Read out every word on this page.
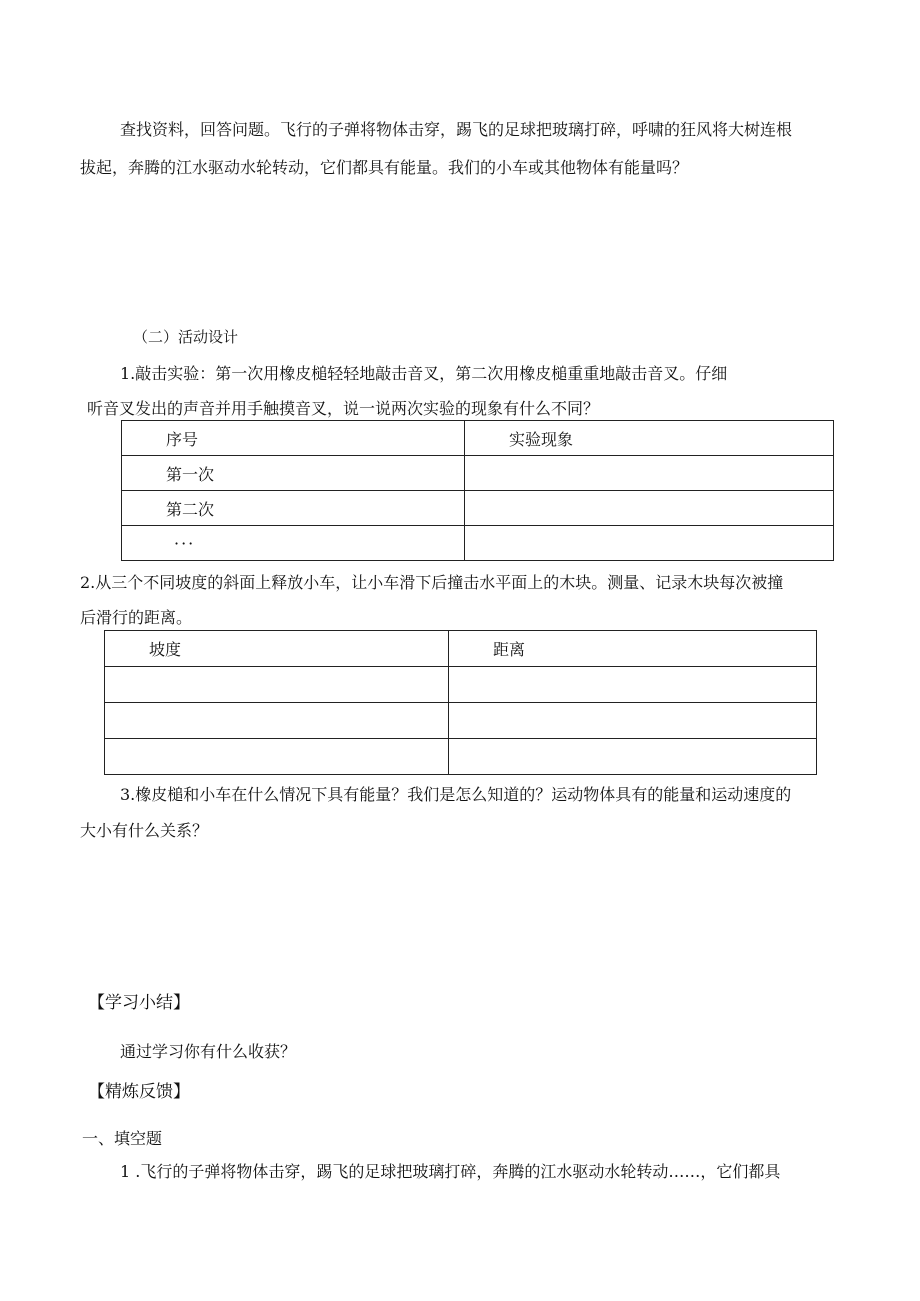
查找资料，回答问题。飞行的子弹将物体击穿，踢飞的足球把玻璃打碎，呼啸的狂风将大树连根
拔起，奔腾的江水驱动水轮转动，它们都具有能量。我们的小车或其他物体有能量吗？
（二）活动设计
1.敲击实验：第一次用橡皮槌轻轻地敲击音叉，第二次用橡皮槌重重地敲击音叉。仔细
听音叉发出的声音并用手触摸音叉，说一说两次实验的现象有什么不同？
序号	实验现象
第一次	
第二次	
···	
2.从三个不同坡度的斜面上释放小车，让小车滑下后撞击水平面上的木块。测量、记录木块每次被撞
后滑行的距离。
坡度	距离

3.橡皮槌和小车在什么情况下具有能量？我们是怎么知道的？运动物体具有的能量和运动速度的
大小有什么关系？
【学习小结】
通过学习你有什么收获？
【精炼反馈】
一、填空题
1 .飞行的子弹将物体击穿，踢飞的足球把玻璃打碎，奔腾的江水驱动水轮转动……，它们都具
